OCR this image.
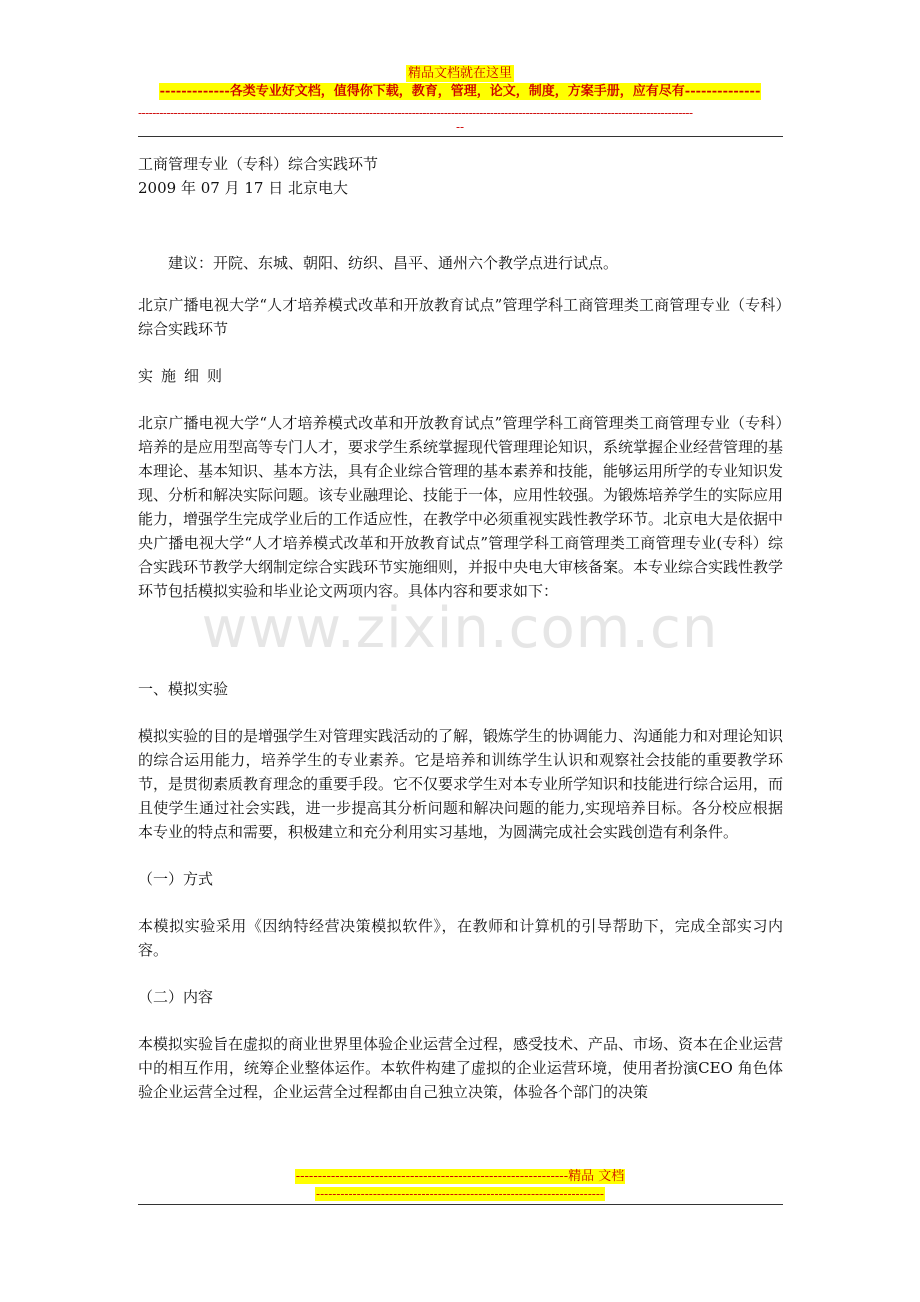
精品文档就在这里
-------------各类专业好文档，值得你下载，教育，管理，论文，制度，方案手册，应有尽有--------------
------------------------------------------------------------------------------------------------------------------------------------------------------------
--
www.zixin.com.cn

工商管理专业（专科）综合实践环节

2009 年 07 月 17 日 北京电大

建议：开院、东城、朝阳、纺织、昌平、通州六个教学点进行试点。

北京广播电视大学“人才培养模式改革和开放教育试点”管理学科工商管理类工商管理专业（专科）综合实践环节

实施细则

北京广播电视大学“人才培养模式改革和开放教育试点”管理学科工商管理类工商管理专业（专科）培养的是应用型高等专门人才，要求学生系统掌握现代管理理论知识，系统掌握企业经营管理的基本理论、基本知识、基本方法，具有企业综合管理的基本素养和技能，能够运用所学的专业知识发现、分析和解决实际问题。该专业融理论、技能于一体，应用性较强。为锻炼培养学生的实际应用能力，增强学生完成学业后的工作适应性，在教学中必须重视实践性教学环节。北京电大是依据中央广播电视大学“人才培养模式改革和开放教育试点”管理学科工商管理类工商管理专业(专科）综合实践环节教学大纲制定综合实践环节实施细则，并报中央电大审核备案。本专业综合实践性教学环节包括模拟实验和毕业论文两项内容。具体内容和要求如下：

一、模拟实验

模拟实验的目的是增强学生对管理实践活动的了解，锻炼学生的协调能力、沟通能力和对理论知识的综合运用能力，培养学生的专业素养。它是培养和训练学生认识和观察社会技能的重要教学环节，是贯彻素质教育理念的重要手段。它不仅要求学生对本专业所学知识和技能进行综合运用，而且使学生通过社会实践，进一步提高其分析问题和解决问题的能力,实现培养目标。各分校应根据本专业的特点和需要，积极建立和充分利用实习基地，为圆满完成社会实践创造有利条件。

（一）方式

本模拟实验采用《因纳特经营决策模拟软件》，在教师和计算机的引导帮助下，完成全部实习内容。

（二）内容

本模拟实验旨在虚拟的商业世界里体验企业运营全过程，感受技术、产品、市场、资本在企业运营中的相互作用，统筹企业整体运作。本软件构建了虚拟的企业运营环境，使用者扮演CEO 角色体验企业运营全过程，企业运营全过程都由自己独立决策，体验各个部门的决策

--------------------------------------------------------------精品 文档
-----------------------------------------------------------------------
